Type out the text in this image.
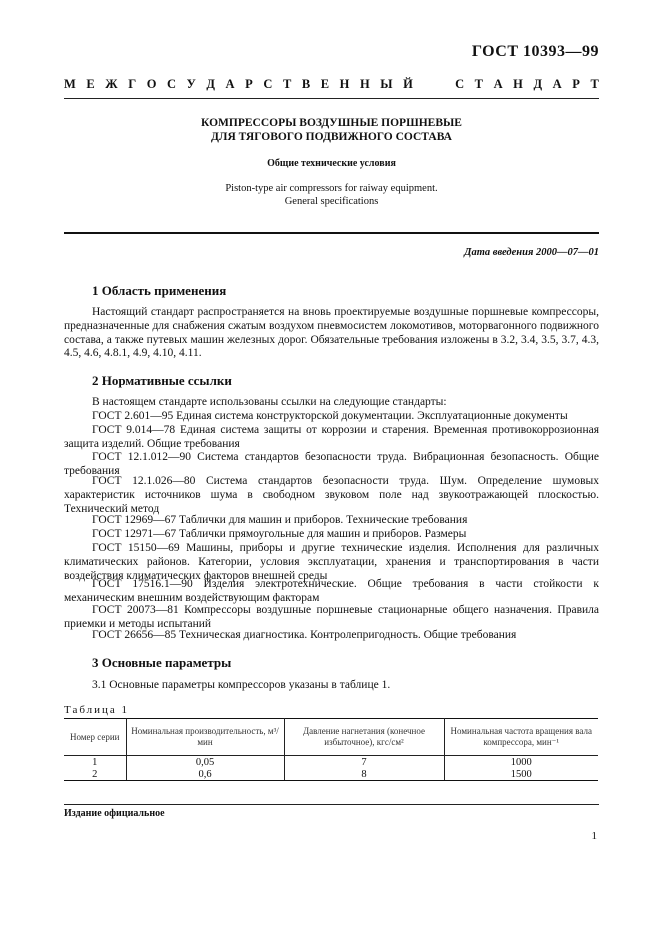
ГОСТ 10393—99
М Е Ж Г О С У Д А Р С Т В Е Н Н Ы Й	С Т А Н Д А Р Т
КОМПРЕССОРЫ ВОЗДУШНЫЕ ПОРШНЕВЫЕ
ДЛЯ ТЯГОВОГО ПОДВИЖНОГО СОСТАВА
Общие технические условия
Piston-type air compressors for raiway equipment.
General specifications
Дата введения 2000—07—01
1 Область применения
Настоящий стандарт распространяется на вновь проектируемые воздушные поршневые компрессоры, предназначенные для снабжения сжатым воздухом пневмосистем локомотивов, моторвагонного подвижного состава, а также путевых машин железных дорог. Обязательные требования изложены в 3.2, 3.4, 3.5, 3.7, 4.3, 4.5, 4.6, 4.8.1, 4.9, 4.10, 4.11.
2 Нормативные ссылки
В настоящем стандарте использованы ссылки на следующие стандарты:
ГОСТ 2.601—95 Единая система конструкторской документации. Эксплуатационные документы
ГОСТ 9.014—78 Единая система защиты от коррозии и старения. Временная противокоррозионная защита изделий. Общие требования
ГОСТ 12.1.012—90 Система стандартов безопасности труда. Вибрационная безопасность. Общие требования
ГОСТ 12.1.026—80 Система стандартов безопасности труда. Шум. Определение шумовых характеристик источников шума в свободном звуковом поле над звукоотражающей плоскостью. Технический метод
ГОСТ 12969—67 Таблички для машин и приборов. Технические требования
ГОСТ 12971—67 Таблички прямоугольные для машин и приборов. Размеры
ГОСТ 15150—69 Машины, приборы и другие технические изделия. Исполнения для различных климатических районов. Категории, условия эксплуатации, хранения и транспортирования в части воздействия климатических факторов внешней среды
ГОСТ 17516.1—90 Изделия электротехнические. Общие требования в части стойкости к механическим внешним воздействующим факторам
ГОСТ 20073—81 Компрессоры воздушные поршневые стационарные общего назначения. Правила приемки и методы испытаний
ГОСТ 26656—85 Техническая диагностика. Контролепригодность. Общие требования
3 Основные параметры
3.1 Основные параметры компрессоров указаны в таблице 1.
Таблица 1
Номер серии	Номинальная производительность, м³/мин	Давление нагнетания (конечное избыточное), кгс/см²	Номинальная частота вращения вала компрессора, мин⁻¹
1	0,05	7	1000
2	0,6	8	1500
Издание официальное
1
